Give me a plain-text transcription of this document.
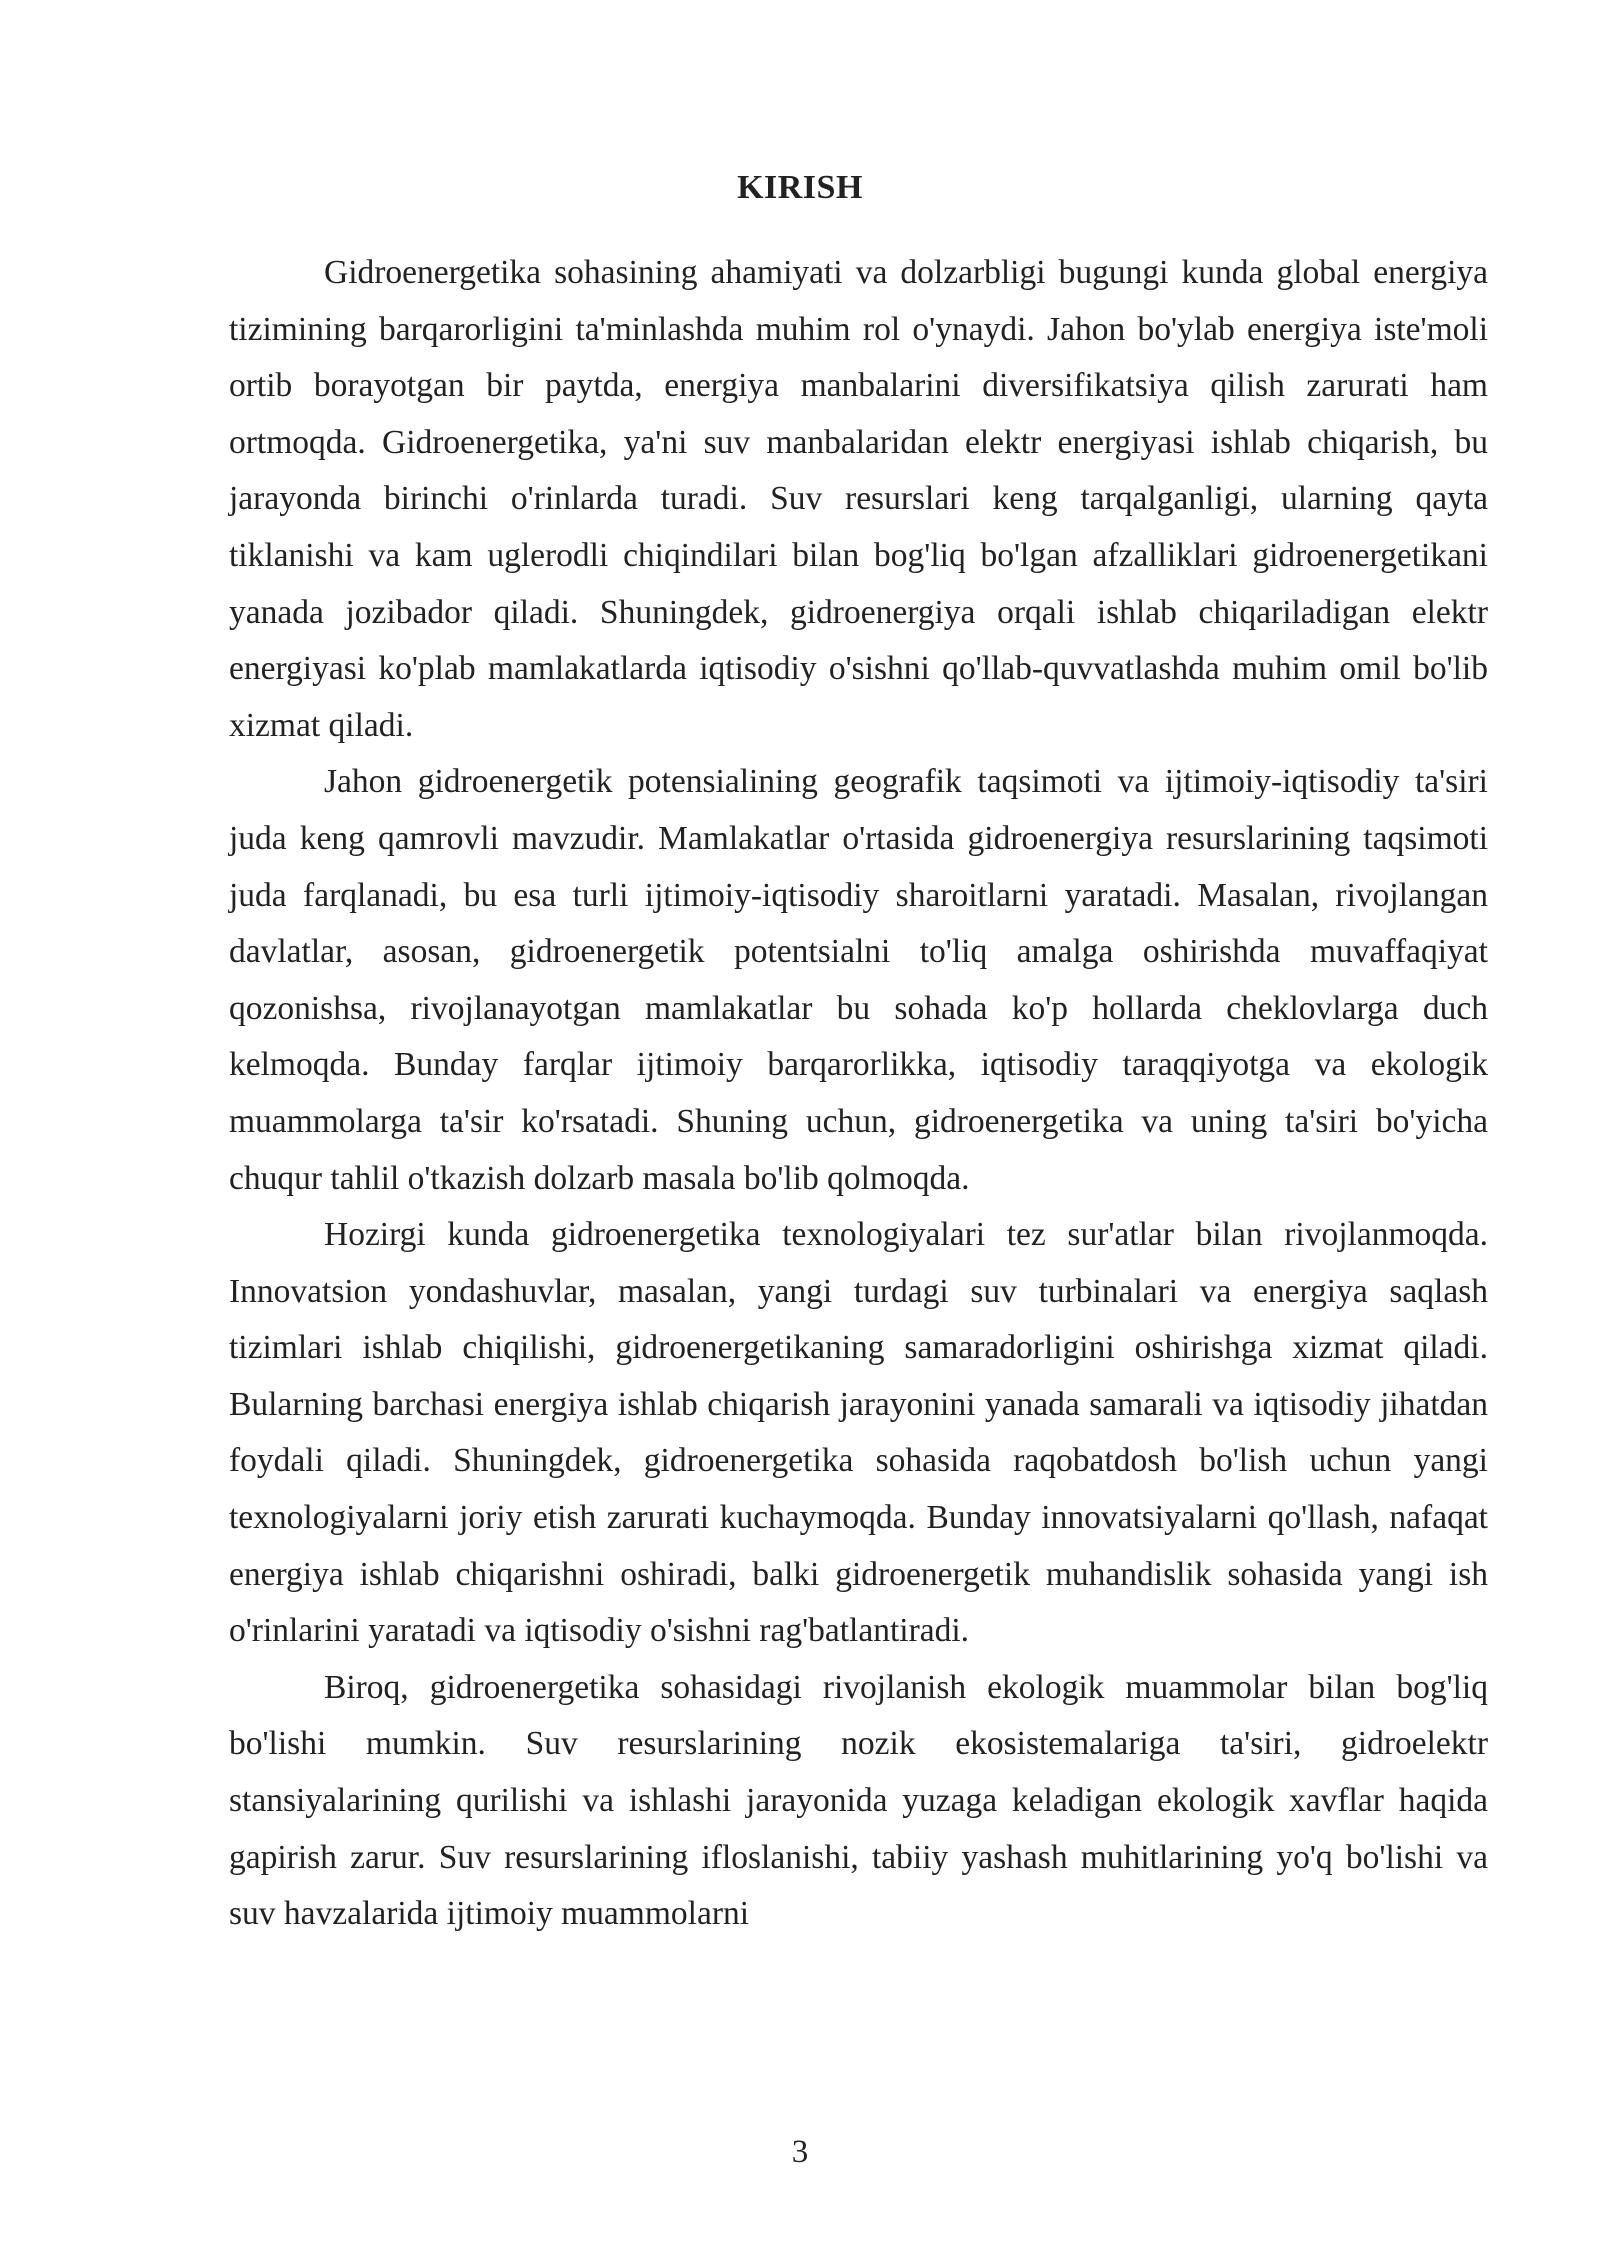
KIRISH

Gidroenergetika sohasining ahamiyati va dolzarbligi bugungi kunda global energiya tizimining barqarorligini ta'minlashda muhim rol o'ynaydi. Jahon bo'ylab energiya iste'moli ortib borayotgan bir paytda, energiya manbalarini diversifikatsiya qilish zarurati ham ortmoqda. Gidroenergetika, ya'ni suv manbalaridan elektr energiyasi ishlab chiqarish, bu jarayonda birinchi o'rinlarda turadi. Suv resurslari keng tarqalganligi, ularning qayta tiklanishi va kam uglerodli chiqindilari bilan bog'liq bo'lgan afzalliklari gidroenergetikani yanada jozibador qiladi. Shuningdek, gidroenergiya orqali ishlab chiqariladigan elektr energiyasi ko'plab mamlakatlarda iqtisodiy o'sishni qo'llab-quvvatlashda muhim omil bo'lib xizmat qiladi.

Jahon gidroenergetik potensialining geografik taqsimoti va ijtimoiy-iqtisodiy ta'siri juda keng qamrovli mavzudir. Mamlakatlar o'rtasida gidroenergiya resurslarining taqsimoti juda farqlanadi, bu esa turli ijtimoiy-iqtisodiy sharoitlarni yaratadi. Masalan, rivojlangan davlatlar, asosan, gidroenergetik potentsialni to'liq amalga oshirishda muvaffaqiyat qozonishsa, rivojlanayotgan mamlakatlar bu sohada ko'p hollarda cheklovlarga duch kelmoqda. Bunday farqlar ijtimoiy barqarorlikka, iqtisodiy taraqqiyotga va ekologik muammolarga ta'sir ko'rsatadi. Shuning uchun, gidroenergetika va uning ta'siri bo'yicha chuqur tahlil o'tkazish dolzarb masala bo'lib qolmoqda.

Hozirgi kunda gidroenergetika texnologiyalari tez sur'atlar bilan rivojlanmoqda. Innovatsion yondashuvlar, masalan, yangi turdagi suv turbinalari va energiya saqlash tizimlari ishlab chiqilishi, gidroenergetikaning samaradorligini oshirishga xizmat qiladi. Bularning barchasi energiya ishlab chiqarish jarayonini yanada samarali va iqtisodiy jihatdan foydali qiladi. Shuningdek, gidroenergetika sohasida raqobatdosh bo'lish uchun yangi texnologiyalarni joriy etish zarurati kuchaymoqda. Bunday innovatsiyalarni qo'llash, nafaqat energiya ishlab chiqarishni oshiradi, balki gidroenergetik muhandislik sohasida yangi ish o'rinlarini yaratadi va iqtisodiy o'sishni rag'batlantiradi.

Biroq, gidroenergetika sohasidagi rivojlanish ekologik muammolar bilan bog'liq bo'lishi mumkin. Suv resurslarining nozik ekosistemalariga ta'siri, gidroelektr stansiyalarining qurilishi va ishlashi jarayonida yuzaga keladigan ekologik xavflar haqida gapirish zarur. Suv resurslarining ifloslanishi, tabiiy yashash muhitlarining yo'q bo'lishi va suv havzalarida ijtimoiy muammolarni

3
